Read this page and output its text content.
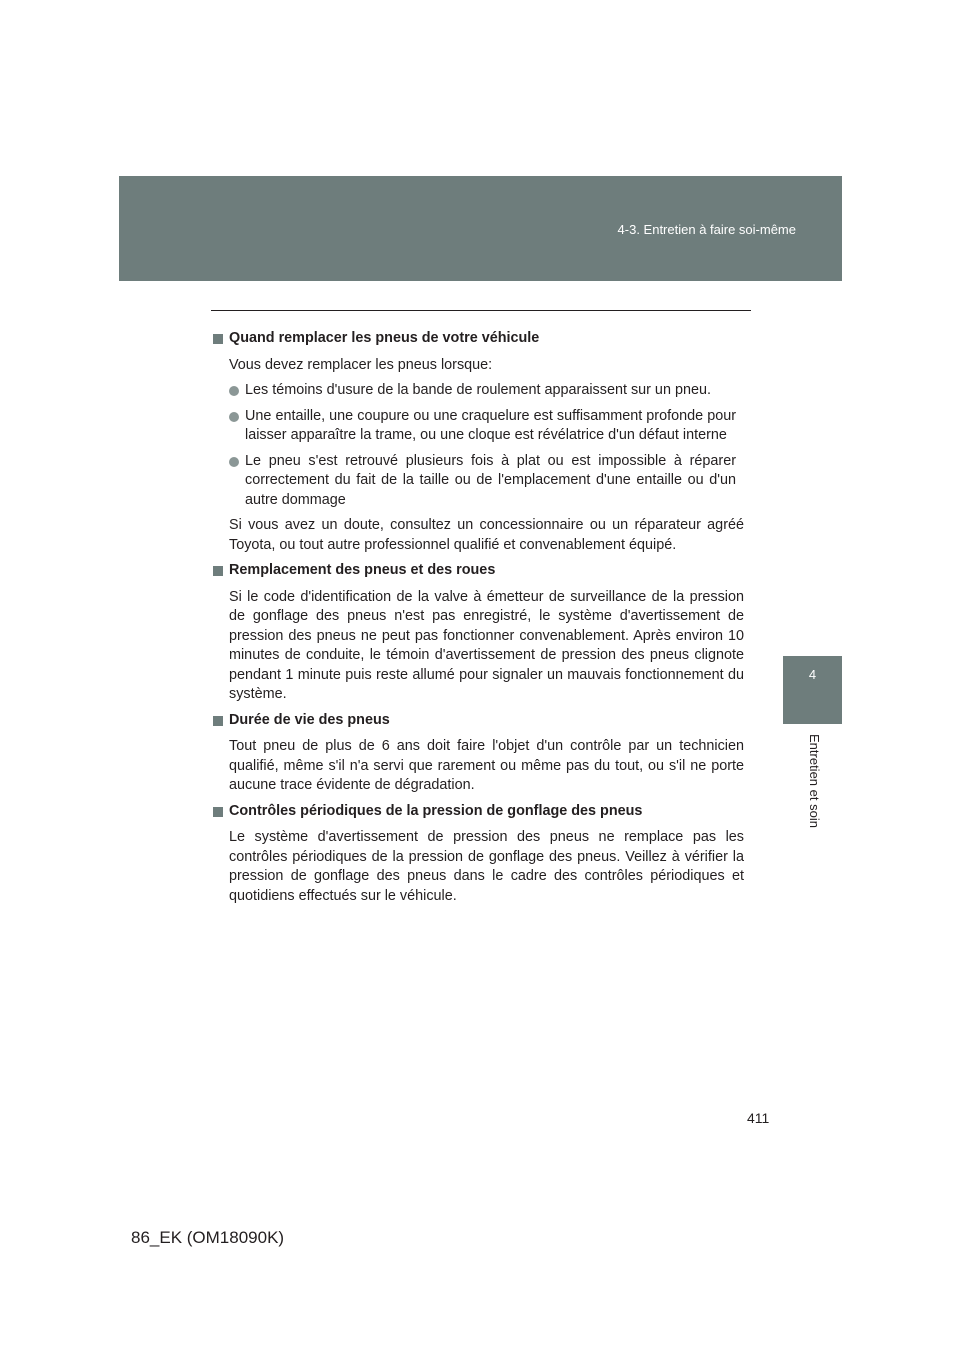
4-3. Entretien à faire soi-même
4
Entretien et soin
Quand remplacer les pneus de votre véhicule
Vous devez remplacer les pneus lorsque:
Les témoins d'usure de la bande de roulement apparaissent sur un pneu.
Une entaille, une coupure ou une craquelure est suffisamment profonde pour laisser apparaître la trame, ou une cloque est révélatrice d'un défaut interne
Le pneu s'est retrouvé plusieurs fois à plat ou est impossible à réparer correctement du fait de la taille ou de l'emplacement d'une entaille ou d'un autre dommage
Si vous avez un doute, consultez un concessionnaire ou un réparateur agréé Toyota, ou tout autre professionnel qualifié et convenablement équipé.
Remplacement des pneus et des roues
Si le code d'identification de la valve à émetteur de surveillance de la pression de gonflage des pneus n'est pas enregistré, le système d'avertissement de pression des pneus ne peut pas fonctionner convenablement. Après environ 10 minutes de conduite, le témoin d'avertissement de pression des pneus clignote pendant 1 minute puis reste allumé pour signaler un mauvais fonctionnement du système.
Durée de vie des pneus
Tout pneu de plus de 6 ans doit faire l'objet d'un contrôle par un technicien qualifié, même s'il n'a servi que rarement ou même pas du tout, ou s'il ne porte aucune trace évidente de dégradation.
Contrôles périodiques de la pression de gonflage des pneus
Le système d'avertissement de pression des pneus ne remplace pas les contrôles périodiques de la pression de gonflage des pneus. Veillez à vérifier la pression de gonflage des pneus dans le cadre des contrôles périodiques et quotidiens effectués sur le véhicule.
411
86_EK (OM18090K)
